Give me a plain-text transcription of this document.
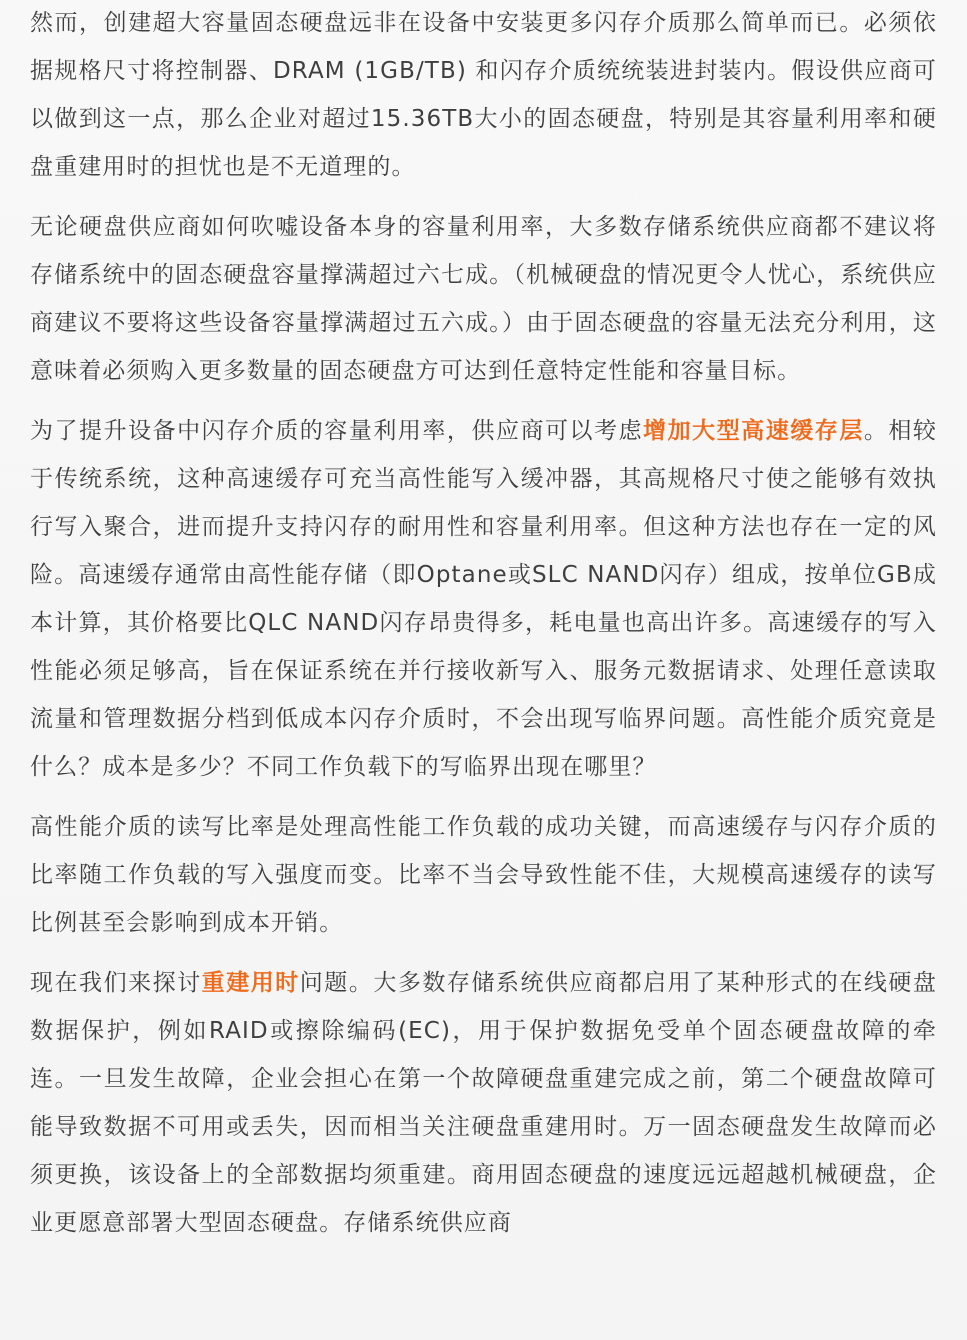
然而，创建超大容量固态硬盘远非在设备中安装更多闪存介质那么简单而已。必须依据规格尺寸将控制器、DRAM (1GB/TB) 和闪存介质统统装进封装内。假设供应商可以做到这一点，那么企业对超过15.36TB大小的固态硬盘，特别是其容量利用率和硬盘重建用时的担忧也是不无道理的。

无论硬盘供应商如何吹嘘设备本身的容量利用率，大多数存储系统供应商都不建议将存储系统中的固态硬盘容量撑满超过六七成。（机械硬盘的情况更令人忧心，系统供应商建议不要将这些设备容量撑满超过五六成。）由于固态硬盘的容量无法充分利用，这意味着必须购入更多数量的固态硬盘方可达到任意特定性能和容量目标。

为了提升设备中闪存介质的容量利用率，供应商可以考虑增加大型高速缓存层。相较于传统系统，这种高速缓存可充当高性能写入缓冲器，其高规格尺寸使之能够有效执行写入聚合，进而提升支持闪存的耐用性和容量利用率。但这种方法也存在一定的风险。高速缓存通常由高性能存储（即Optane或SLC NAND闪存）组成，按单位GB成本计算，其价格要比QLC NAND闪存昂贵得多，耗电量也高出许多。高速缓存的写入性能必须足够高，旨在保证系统在并行接收新写入、服务元数据请求、处理任意读取流量和管理数据分档到低成本闪存介质时，不会出现写临界问题。高性能介质究竟是什么？成本是多少？不同工作负载下的写临界出现在哪里？

高性能介质的读写比率是处理高性能工作负载的成功关键，而高速缓存与闪存介质的比率随工作负载的写入强度而变。比率不当会导致性能不佳，大规模高速缓存的读写比例甚至会影响到成本开销。

现在我们来探讨重建用时问题。大多数存储系统供应商都启用了某种形式的在线硬盘数据保护，例如RAID或擦除编码(EC)，用于保护数据免受单个固态硬盘故障的牵连。一旦发生故障，企业会担心在第一个故障硬盘重建完成之前，第二个硬盘故障可能导致数据不可用或丢失，因而相当关注硬盘重建用时。万一固态硬盘发生故障而必须更换，该设备上的全部数据均须重建。商用固态硬盘的速度远远超越机械硬盘，企业更愿意部署大型固态硬盘。存储系统供应商
